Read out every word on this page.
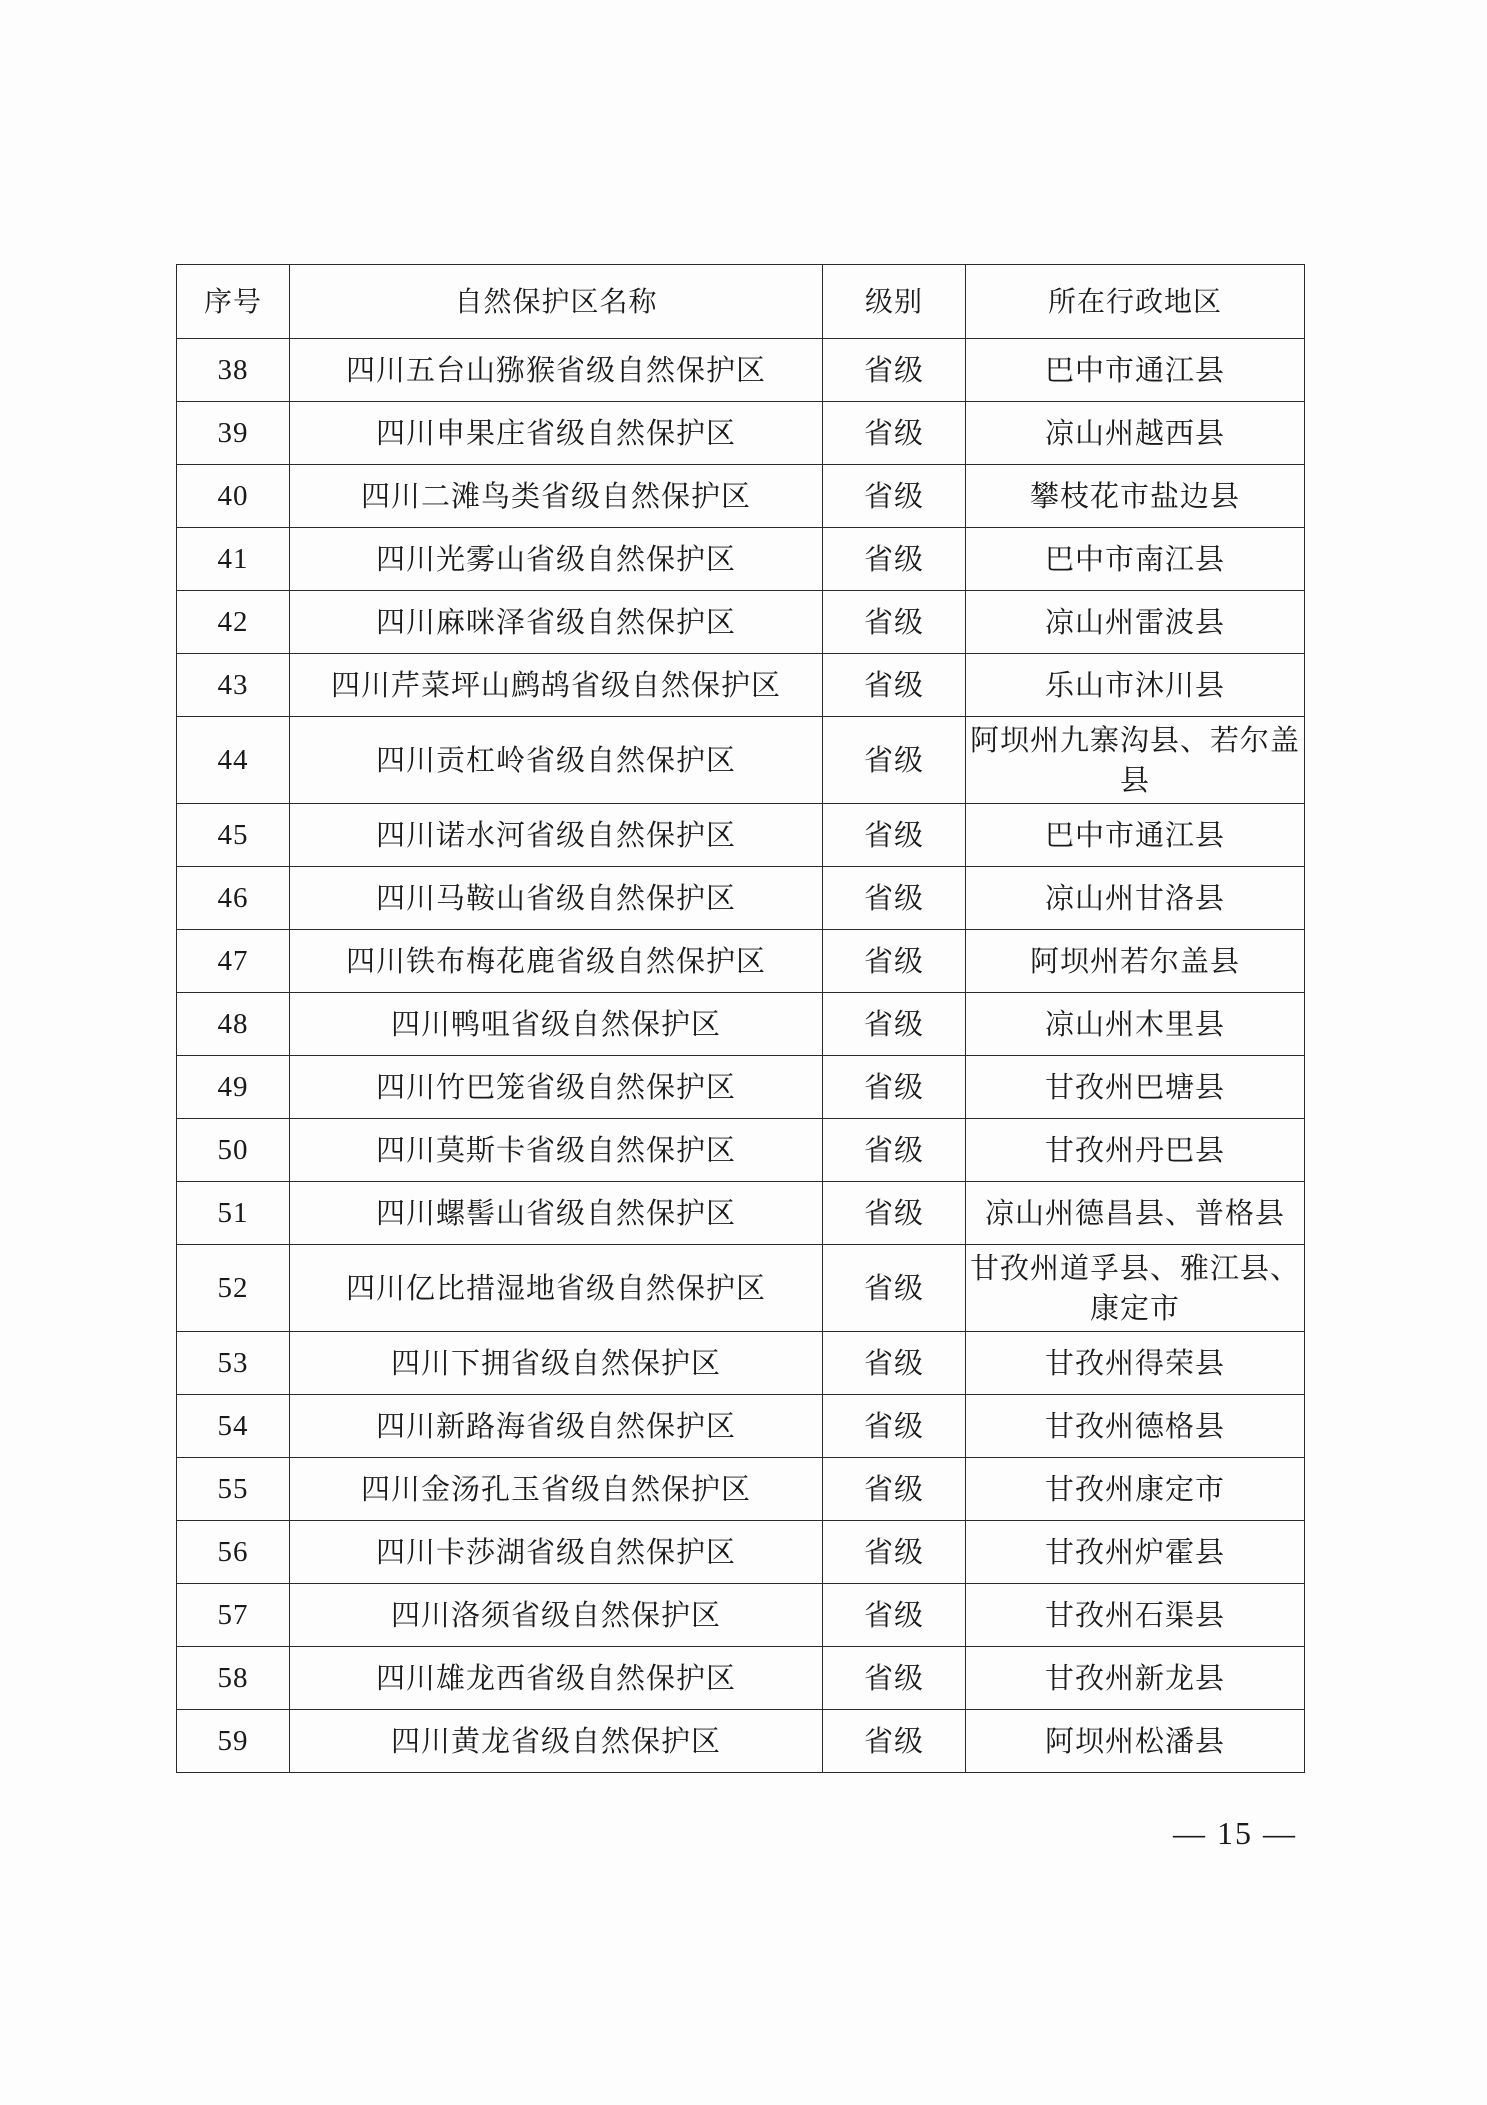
序号	自然保护区名称	级别	所在行政地区
38	四川五台山猕猴省级自然保护区	省级	巴中市通江县
39	四川申果庄省级自然保护区	省级	凉山州越西县
40	四川二滩鸟类省级自然保护区	省级	攀枝花市盐边县
41	四川光雾山省级自然保护区	省级	巴中市南江县
42	四川麻咪泽省级自然保护区	省级	凉山州雷波县
43	四川芹菜坪山鹧鸪省级自然保护区	省级	乐山市沐川县
44	四川贡杠岭省级自然保护区	省级	阿坝州九寨沟县、若尔盖县
45	四川诺水河省级自然保护区	省级	巴中市通江县
46	四川马鞍山省级自然保护区	省级	凉山州甘洛县
47	四川铁布梅花鹿省级自然保护区	省级	阿坝州若尔盖县
48	四川鸭咀省级自然保护区	省级	凉山州木里县
49	四川竹巴笼省级自然保护区	省级	甘孜州巴塘县
50	四川莫斯卡省级自然保护区	省级	甘孜州丹巴县
51	四川螺髻山省级自然保护区	省级	凉山州德昌县、普格县
52	四川亿比措湿地省级自然保护区	省级	甘孜州道孚县、雅江县、康定市
53	四川下拥省级自然保护区	省级	甘孜州得荣县
54	四川新路海省级自然保护区	省级	甘孜州德格县
55	四川金汤孔玉省级自然保护区	省级	甘孜州康定市
56	四川卡莎湖省级自然保护区	省级	甘孜州炉霍县
57	四川洛须省级自然保护区	省级	甘孜州石渠县
58	四川雄龙西省级自然保护区	省级	甘孜州新龙县
59	四川黄龙省级自然保护区	省级	阿坝州松潘县
— 15 —
